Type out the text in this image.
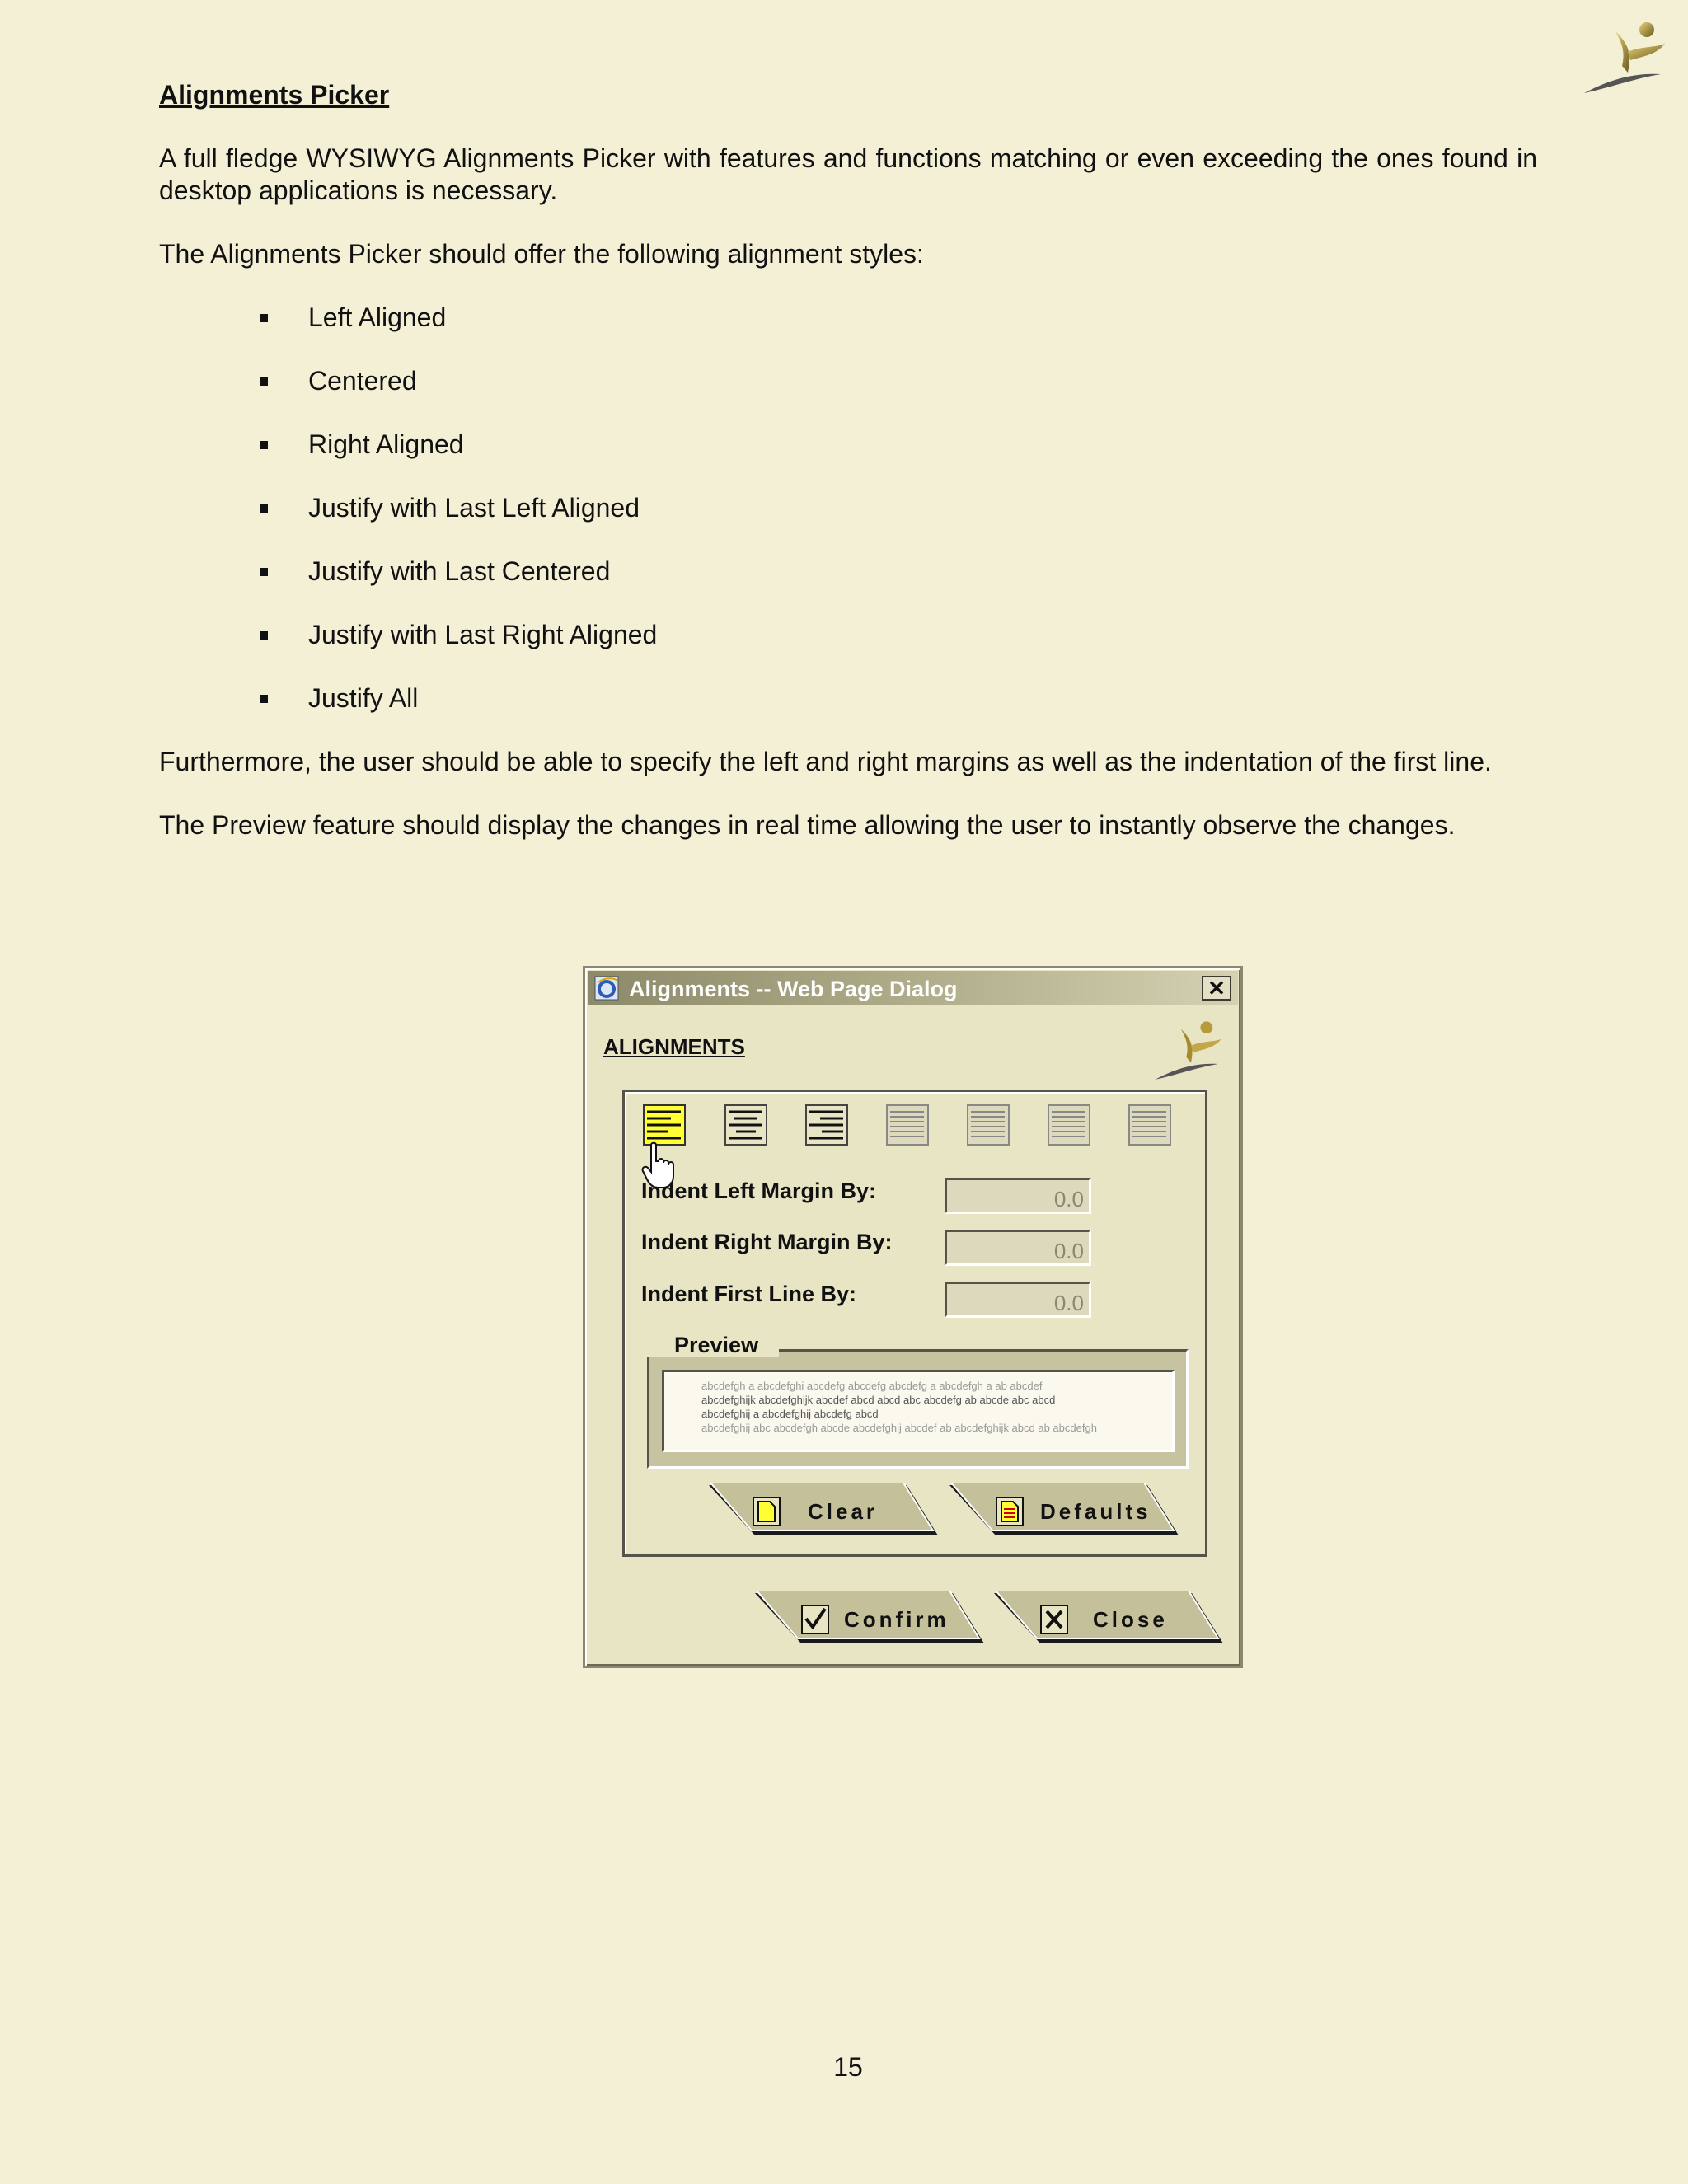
Alignments Picker

A full fledge WYSIWYG Alignments Picker with features and functions matching or even exceeding the ones found in desktop applications is necessary.

The Alignments Picker should offer the following alignment styles:

Left Aligned
Centered
Right Aligned
Justify with Last Left Aligned
Justify with Last Centered
Justify with Last Right Aligned
Justify All

Furthermore, the user should be able to specify the left and right margins as well as the indentation of the first line.

The Preview feature should display the changes in real time allowing the user to instantly observe the changes.

Alignments -- Web Page Dialog	✕
ALIGNMENTS
Indent Left Margin By:	0.0
Indent Right Margin By:	0.0
Indent First Line By:	0.0
abcdefgh a abcdefghi abcdefg abcdefg abcdefg a abcdefgh a ab abcdef
abcdefghijk abcdefghijk abcdef abcd abcd abc abcdefg ab abcde abc abcd
abcdefghij a abcdefghij abcdefg abcd
abcdefghij abc abcdefgh abcde abcdefghij abcdef ab abcdefghijk abcd ab abcdefgh
Preview
Clear	Defaults
Confirm	Close
15
